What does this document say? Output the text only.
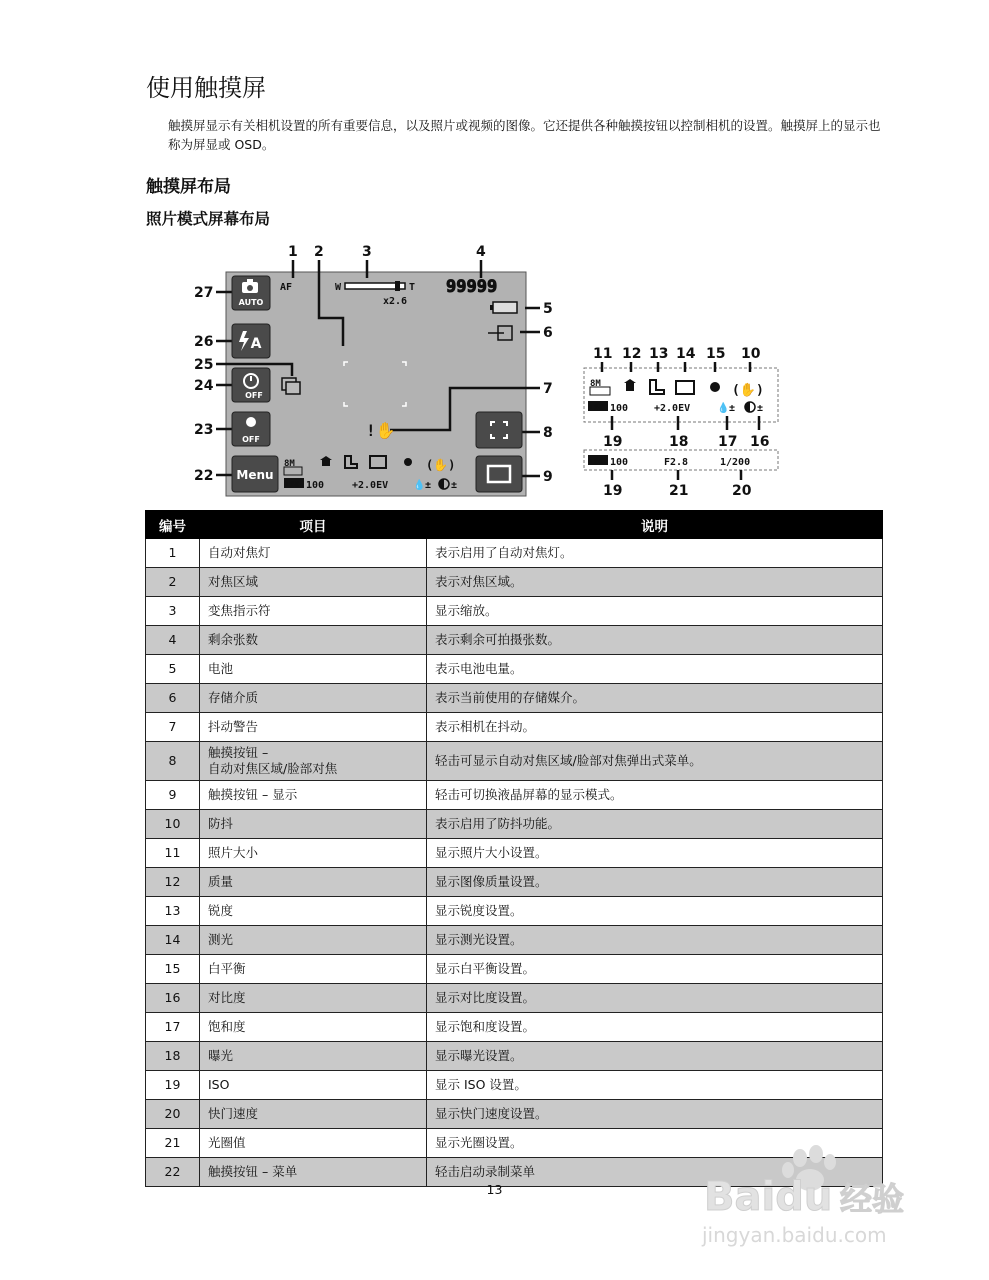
使用触摸屏

触摸屏显示有关相机设置的所有重要信息，以及照片或视频的图像。它还提供各种触摸按钮以控制相机的设置。触摸屏上的显示也称为屏显或 OSD。

触摸屏布局
照片模式屏幕布局
1 2	3	4
5
6
7
8
9
27
26
25
24
23
22
AUTO
A
OFF
OFF
Menu
AF	W	T
x2.6
99999
!✋
8M	(✋)
ISO 100	+2.0EV 💧 ± ±
11 12 13 14 15 10
8M	(✋)
ISO 100	+2.0EV	💧 ± ±
19	18 17 16
ISO 100	F2.8	1/200
19	21	20
编号	项目	说明
1	自动对焦灯	表示启用了自动对焦灯。
2	对焦区域	表示对焦区域。
3	变焦指示符	显示缩放。
4	剩余张数	表示剩余可拍摄张数。
5	电池	表示电池电量。
6	存储介质	表示当前使用的存储媒介。
7	抖动警告	表示相机在抖动。
8	触摸按钮 –
自动对焦区域/脸部对焦	轻击可显示自动对焦区域/脸部对焦弹出式菜单。
9	触摸按钮 – 显示	轻击可切换液晶屏幕的显示模式。
10	防抖	表示启用了防抖功能。
11	照片大小	显示照片大小设置。
12	质量	显示图像质量设置。
13	锐度	显示锐度设置。
14	测光	显示测光设置。
15	白平衡	显示白平衡设置。
16	对比度	显示对比度设置。
17	饱和度	显示饱和度设置。
18	曝光	显示曝光设置。
19	ISO	显示 ISO 设置。
20	快门速度	显示快门速度设置。
21	光圈值	显示光圈设置。
22	触摸按钮 – 菜单	轻击启动录制菜单
13	Baidu 经验
jingyan.baidu.com
